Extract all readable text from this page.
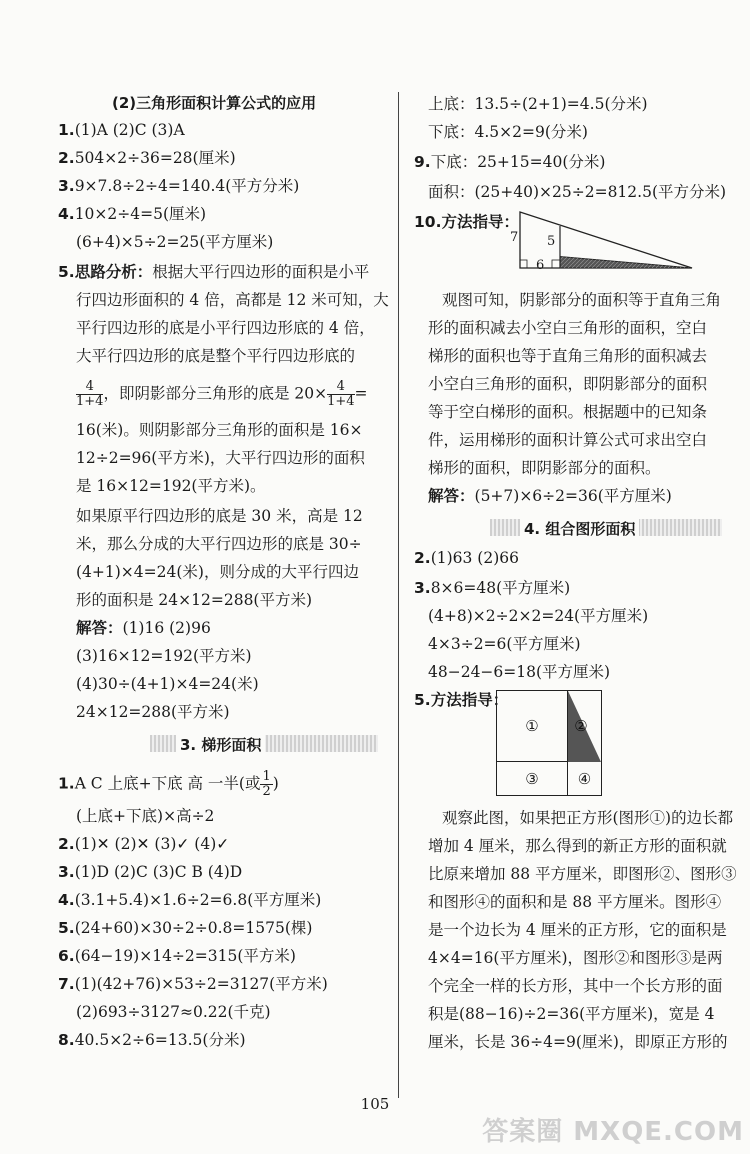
(2)三角形面积计算公式的应用
1.(1)A (2)C (3)A
2.504×2÷36=28(厘米)
3.9×7.8÷2÷4=140.4(平方分米)
4.10×2÷4=5(厘米)
(6+4)×5÷2=25(平方厘米)
5.思路分析：根据大平行四边形的面积是小平
行四边形面积的 4 倍，高都是 12 米可知，大
平行四边形的底是小平行四边形底的 4 倍，
大平行四边形的底是整个平行四边形底的
$\frac{4}{1+4}$ ，即阴影部分三角形的底是 $20\times \frac{4}{1+4}$ =
16(米)。则阴影部分三角形的面积是 16×
12÷2=96(平方米)，大平行四边形的面积
是 16×12=192(平方米)。
如果原平行四边形的底是 30 米，高是 12
米，那么分成的大平行四边形的底是 30÷
(4+1)×4=24(米)，则分成的大平行四边
形的面积是 24×12=288(平方米)
解答：(1)16 (2)96
(3)16×12=192(平方米)
(4)30÷(4+1)×4=24(米)
24×12=288(平方米)
3. 梯形面积
1.A C 上底+下底 高 一半(或 $\frac{1}{2}$ )
(上底+下底)×高÷2
2.(1)✕ (2)✕ (3)✓ (4)✓
3.(1)D (2)C (3)C B (4)D
4.(3.1+5.4)×1.6÷2=6.8(平方厘米)
5.(24+60)×30÷2÷0.8=1575(棵)
6.(64−19)×14÷2=315(平方米)
7.(1)(42+76)×53÷2=3127(平方米)
(2)693÷3127≈0.22(千克)
8.40.5×2÷6=13.5(分米)
上底：13.5÷(2+1)=4.5(分米)
下底：4.5×2=9(分米)
9.下底：25+15=40(分米)
面积：(25+40)×25÷2=812.5(平方分米)
10.方法指导：
7 5
6
观图可知，阴影部分的面积等于直角三角
形的面积减去小空白三角形的面积，空白
梯形的面积也等于直角三角形的面积减去
小空白三角形的面积，即阴影部分的面积
等于空白梯形的面积。根据题中的已知条
件，运用梯形的面积计算公式可求出空白
梯形的面积，即阴影部分的面积。
解答：(5+7)×6÷2=36(平方厘米)
4. 组合图形面积
2.(1)63 (2)66
3.8×6=48(平方厘米)
(4+8)×2÷2×2=24(平方厘米)
4×3÷2=6(平方厘米)
48−24−6=18(平方厘米)
5.方法指导：
①	②
③	④
观察此图，如果把正方形(图形①)的边长都
增加 4 厘米，那么得到的新正方形的面积就
比原来增加 88 平方厘米，即图形②、图形③
和图形④的面积和是 88 平方厘米。图形④
是一个边长为 4 厘米的正方形，它的面积是
4×4=16(平方厘米)，图形②和图形③是两
个完全一样的长方形，其中一个长方形的面
积是(88−16)÷2=36(平方厘米)，宽是 4
厘米，长是 36÷4=9(厘米)，即原正方形的
105
答案圈 MXQE.COM
